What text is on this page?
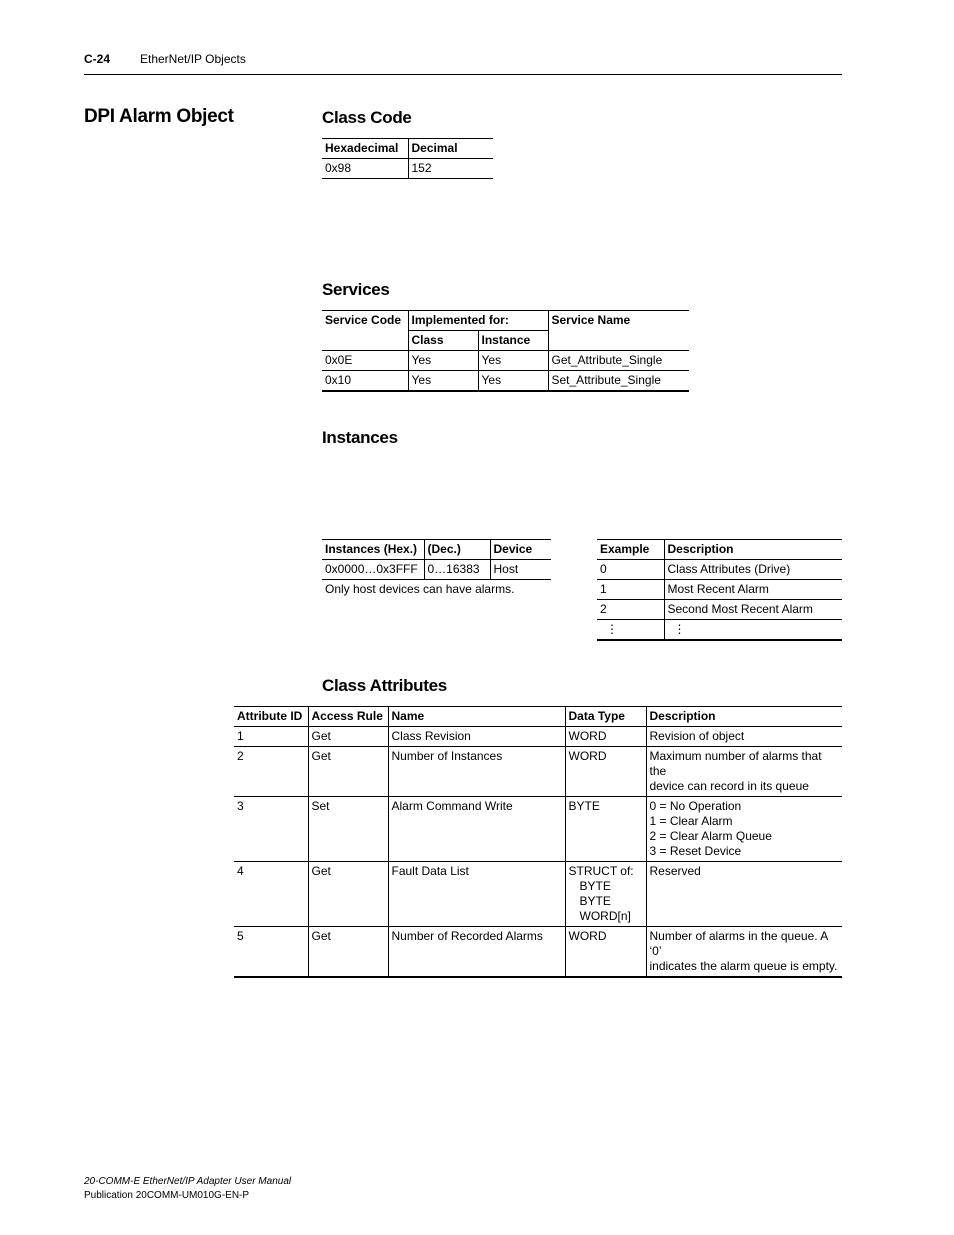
C-24 EtherNet/IP Objects
DPI Alarm Object	Class Code
Hexadecimal	Decimal
0x98	152
Services
Service Code	Implemented for:		Service Name
	Class	Instance	
0x0E	Yes	Yes	Get_Attribute_Single
0x10	Yes	Yes	Set_Attribute_Single
Instances
Instances (Hex.)	(Dec.)	Device
0x0000…0x3FFF	0…16383	Host
Only host devices can have alarms.		
Example	Description
0	Class Attributes (Drive)
1	Most Recent Alarm
2	Second Most Recent Alarm
⋮	⋮
Class Attributes
Attribute ID	Access Rule	Name	Data Type	Description
1	Get	Class Revision	WORD	Revision of object

2	Get	Number of Instances	WORD	Maximum number of alarms that the
device can record in its queue

3	Set	Alarm Command Write	BYTE	0 = No Operation
1 = Clear Alarm
2 = Clear Alarm Queue
3 = Reset Device

4	Get	Fault Data List	STRUCT of:
BYTE
BYTE
WORD[n]	Reserved

5	Get	Number of Recorded Alarms	WORD	Number of alarms in the queue. A ‘0’
indicates the alarm queue is empty.
20-COMM-E EtherNet/IP Adapter User Manual
Publication 20COMM-UM010G-EN-P
